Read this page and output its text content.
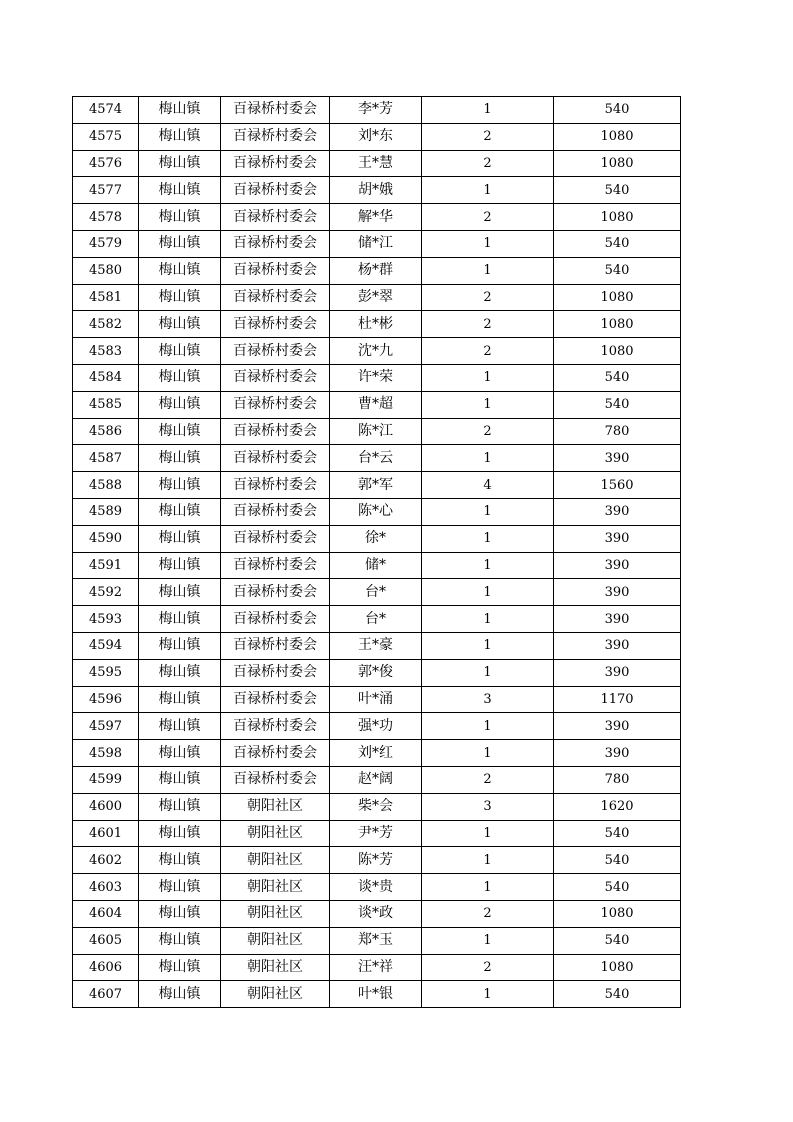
4574	梅山镇	百禄桥村委会	李*芳	1	540
4575	梅山镇	百禄桥村委会	刘*东	2	1080
4576	梅山镇	百禄桥村委会	王*慧	2	1080
4577	梅山镇	百禄桥村委会	胡*娥	1	540
4578	梅山镇	百禄桥村委会	解*华	2	1080
4579	梅山镇	百禄桥村委会	储*江	1	540
4580	梅山镇	百禄桥村委会	杨*群	1	540
4581	梅山镇	百禄桥村委会	彭*翠	2	1080
4582	梅山镇	百禄桥村委会	杜*彬	2	1080
4583	梅山镇	百禄桥村委会	沈*九	2	1080
4584	梅山镇	百禄桥村委会	许*荣	1	540
4585	梅山镇	百禄桥村委会	曹*超	1	540
4586	梅山镇	百禄桥村委会	陈*江	2	780
4587	梅山镇	百禄桥村委会	台*云	1	390
4588	梅山镇	百禄桥村委会	郭*军	4	1560
4589	梅山镇	百禄桥村委会	陈*心	1	390
4590	梅山镇	百禄桥村委会	徐*	1	390
4591	梅山镇	百禄桥村委会	储*	1	390
4592	梅山镇	百禄桥村委会	台*	1	390
4593	梅山镇	百禄桥村委会	台*	1	390
4594	梅山镇	百禄桥村委会	王*豪	1	390
4595	梅山镇	百禄桥村委会	郭*俊	1	390
4596	梅山镇	百禄桥村委会	叶*涌	3	1170
4597	梅山镇	百禄桥村委会	强*功	1	390
4598	梅山镇	百禄桥村委会	刘*红	1	390
4599	梅山镇	百禄桥村委会	赵*阔	2	780
4600	梅山镇	朝阳社区	柴*会	3	1620
4601	梅山镇	朝阳社区	尹*芳	1	540
4602	梅山镇	朝阳社区	陈*芳	1	540
4603	梅山镇	朝阳社区	谈*贵	1	540
4604	梅山镇	朝阳社区	谈*政	2	1080
4605	梅山镇	朝阳社区	郑*玉	1	540
4606	梅山镇	朝阳社区	汪*祥	2	1080
4607	梅山镇	朝阳社区	叶*银	1	540
